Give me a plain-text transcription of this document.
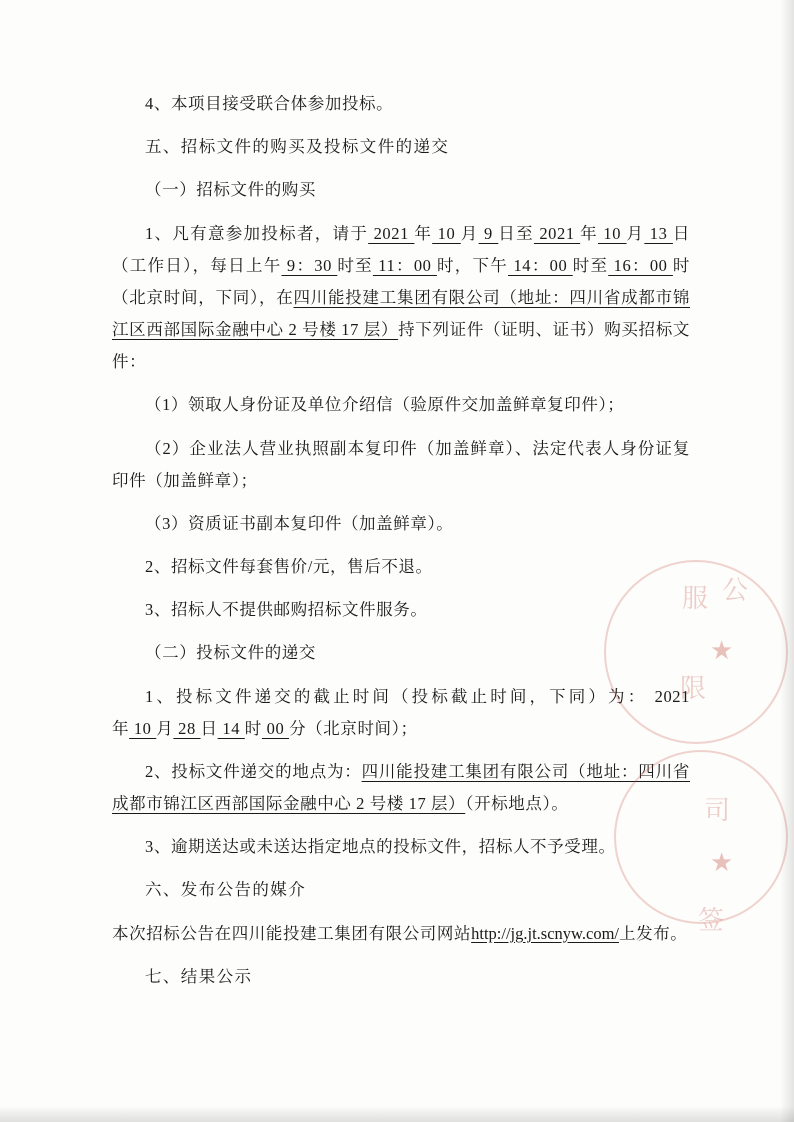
4、本项目接受联合体参加投标。

五、招标文件的购买及投标文件的递交

（一）招标文件的购买

1、凡有意参加投标者，请于 2021 年 10 月 9 日至 2021 年 10 月 13 日（工作日），每日上午 9：30 时至 11：00 时，下午 14：00 时至 16：00 时（北京时间，下同），在四川能投建工集团有限公司（地址：四川省成都市锦江区西部国际金融中心 2 号楼 17 层）持下列证件（证明、证书）购买招标文件：

（1）领取人身份证及单位介绍信（验原件交加盖鲜章复印件）；

（2）企业法人营业执照副本复印件（加盖鲜章）、法定代表人身份证复印件（加盖鲜章）；

（3）资质证书副本复印件（加盖鲜章）。

2、招标文件每套售价/元，售后不退。

3、招标人不提供邮购招标文件服务。

（二）投标文件的递交

1、投标文件递交的截止时间（投标截止时间，下同）为： 2021 年 10 月 28 日 14 时 00 分（北京时间）；

2、投标文件递交的地点为：四川能投建工集团有限公司（地址：四川省成都市锦江区西部国际金融中心 2 号楼 17 层）（开标地点）。

3、逾期送达或未送达指定地点的投标文件，招标人不予受理。

六、发布公告的媒介

本次招标公告在四川能投建工集团有限公司网站http://jg.jt.scnyw.com/上发布。

七、结果公示

服 公
★
限
司
★
签
